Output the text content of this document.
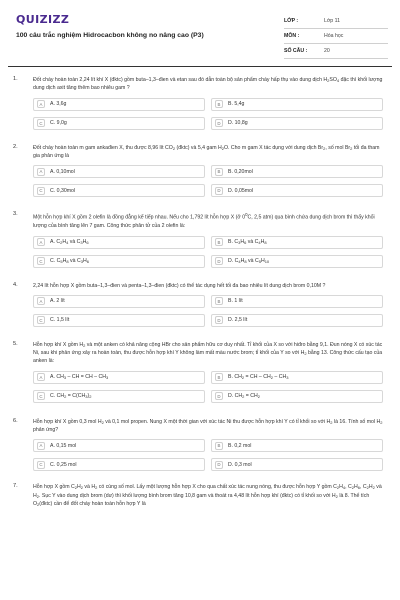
QUIZIZZ
100 câu trắc nghiệm Hidrocacbon không no nâng cao (P3)
LỚP :	Lớp 11
MÔN :	Hóa học
SỐ CÂU :	20
1.	Đốt cháy hoàn toàn 2,24 lít khí X (đktc) gồm buta–1,3–đien và etan sau đó dẫn toàn bộ sản phẩm cháy hấp thụ vào dung dịch $H_2SO_4$ đặc thì khối lượng dung dịch axit tăng thêm bao nhiêu gam ?
A	A. 3,6g	B	B. 5,4g
C	C. 9,0g	D	D. 10,8g
2.	Đốt cháy hoàn toàn m gam ankađien X, thu được 8,96 lít $CO_2$ (đktc) và 5,4 gam $H_2O$. Cho m gam X tác dụng với dung dịch $Br_2$, số mol $Br_2$ tối đa tham gia phản ứng là
A	A. 0,10mol	B	B. 0,20mol
C	C. 0,30mol	D	D. 0,05mol
3.
Một hỗn hợp khí X gồm 2 olefin là đồng đẳng kế tiếp nhau. Nếu cho 1,792 lít hỗn hợp X (ở $0^0C$, 2,5 atm) qua bình chứa dung dịch brom thì thấy khối lượng của bình tăng lên 7 gam. Công thức phân tử của 2 olefin là:
A	A. $C_2H_4$ và $C_3H_6$	B	B. $C_3H_6$ và $C_4H_8$
C	C. $C_5H_8$ và $C_3H_6$	D	D. $C_4H_8$ và $C_5H_{10}$
4.	2,24 lít hỗn hợp X gồm buta–1,3–đien và penta–1,3–đien (đktc) có thể tác dụng hết tối đa bao nhiêu lít dung dịch brom 0,10M ?
A	A. 2 lít	B	B. 1 lít
C	C. 1,5 lít	D	D. 2,5 lít
5.	Hỗn hợp khí X gồm $H_2$ và một anken có khả năng cộng HBr cho sản phẩm hữu cơ duy nhất. Tỉ khối của X so với hiđro bằng 9,1. Đun nóng X có xúc tác Ni, sau khi phản ứng xảy ra hoàn toàn, thu được hỗn hợp khí Y không làm mất màu nước brom; tỉ khối của Y so với $H_2$ bằng 13. Công thức cấu tạo của anken là:
A	A. $CH_3$ – CH = CH – $CH_3$	B	B. $CH_2$ = CH – $CH_2 - CH_3$
C	C. $CH_2 = C(CH_3)_2$	D	D. $CH_2 = CH_2$
6.	Hỗn hợp khí X gồm 0,3 mol $H_2$ và 0,1 mol propen. Nung X một thời gian với xúc tác Ni thu được hỗn hợp khí Y có tỉ khối so với $H_2$ là 16. Tính số mol $H_2$ phản ứng?
A	A. 0,15 mol	B	B. 0,2 mol
C	C. 0,25 mol	D	D. 0,3 mol
7.	Hỗn hợp X gồm $C_2H_2$ và $H_2$ có cùng số mol. Lấy một lượng hỗn hợp X cho qua chất xúc tác nung nóng, thu được hỗn hợp Y gồm $C_2H_4$, $C_2H_6$, $C_2H_2$ và $H_2$. Sục Y vào dung dịch brom (dư) thì khối lượng bình brom tăng 10,8 gam và thoát ra 4,48 lít hỗn hợp khí (đktc) có tỉ khối so với $H_2$ là 8. Thể tích $O_2(đktc)$ cần để đốt cháy hoàn toàn hỗn hợp Y là
